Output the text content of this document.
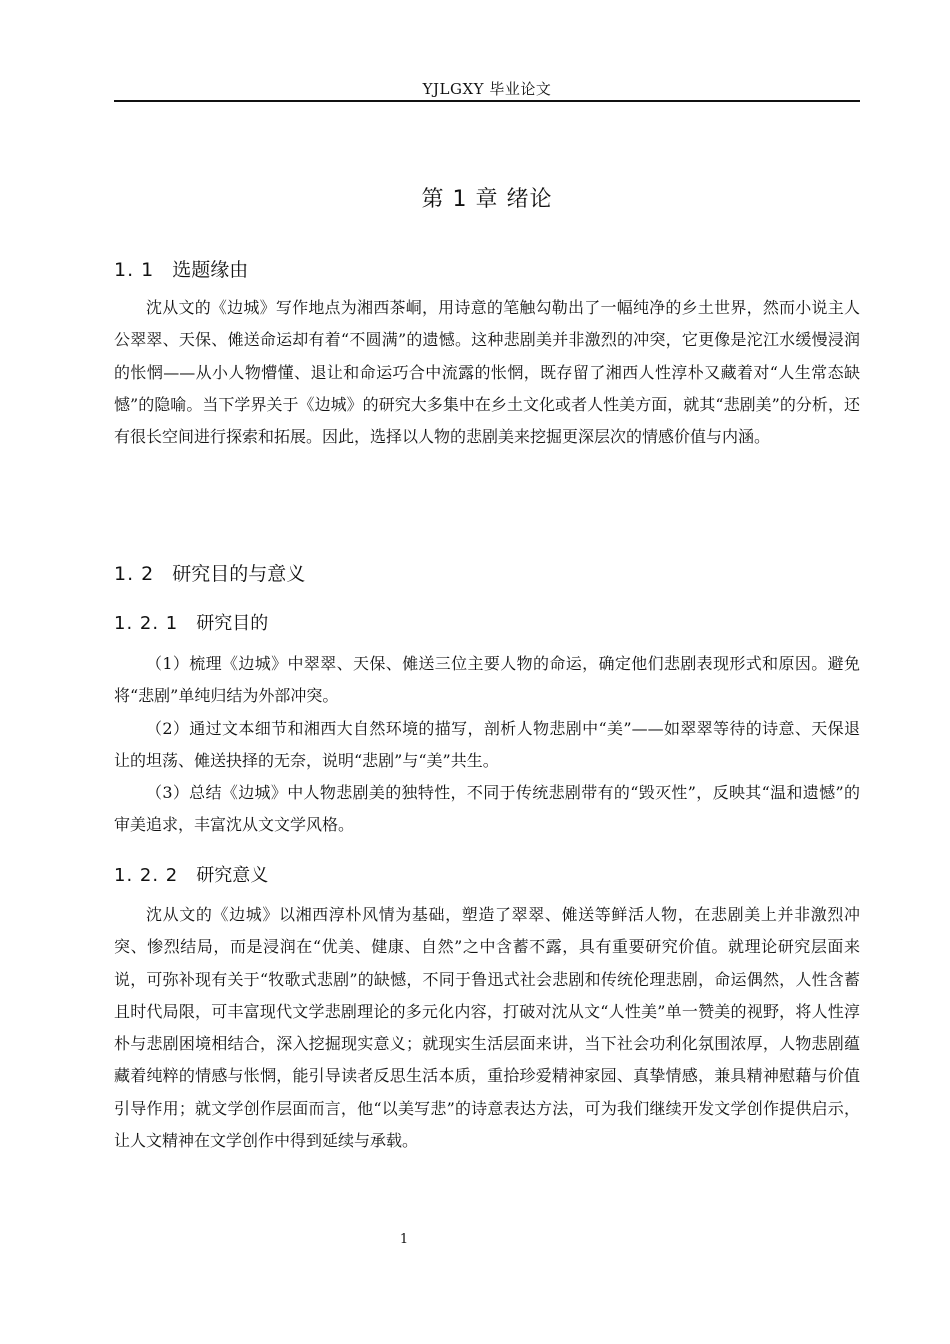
YJLGXY 毕业论文
第 1 章 绪论
1. 1 选题缘由

沈从文的《边城》写作地点为湘西茶峒，用诗意的笔触勾勒出了一幅纯净的乡土世界，然而小说主人公翠翠、天保、傩送命运却有着“不圆满”的遗憾。这种悲剧美并非激烈的冲突，它更像是沱江水缓慢浸润的怅惘——从小人物懵懂、退让和命运巧合中流露的怅惘，既存留了湘西人性淳朴又藏着对“人生常态缺憾”的隐喻。当下学界关于《边城》的研究大多集中在乡土文化或者人性美方面，就其“悲剧美”的分析，还有很长空间进行探索和拓展。因此，选择以人物的悲剧美来挖掘更深层次的情感价值与内涵。

1. 2 研究目的与意义
1. 2. 1 研究目的

（1）梳理《边城》中翠翠、天保、傩送三位主要人物的命运，确定他们悲剧表现形式和原因。避免将“悲剧”单纯归结为外部冲突。

（2）通过文本细节和湘西大自然环境的描写，剖析人物悲剧中“美”——如翠翠等待的诗意、天保退让的坦荡、傩送抉择的无奈，说明“悲剧”与“美”共生。

（3）总结《边城》中人物悲剧美的独特性，不同于传统悲剧带有的“毁灭性”，反映其“温和遗憾”的审美追求，丰富沈从文文学风格。

1. 2. 2 研究意义

沈从文的《边城》以湘西淳朴风情为基础，塑造了翠翠、傩送等鲜活人物，在悲剧美上并非激烈冲突、惨烈结局，而是浸润在“优美、健康、自然”之中含蓄不露，具有重要研究价值。就理论研究层面来说，可弥补现有关于“牧歌式悲剧”的缺憾，不同于鲁迅式社会悲剧和传统伦理悲剧，命运偶然，人性含蓄且时代局限，可丰富现代文学悲剧理论的多元化内容，打破对沈从文“人性美”单一赞美的视野，将人性淳朴与悲剧困境相结合，深入挖掘现实意义；就现实生活层面来讲，当下社会功利化氛围浓厚，人物悲剧蕴藏着纯粹的情感与怅惘，能引导读者反思生活本质，重拾珍爱精神家园、真挚情感，兼具精神慰藉与价值引导作用；就文学创作层面而言，他“以美写悲”的诗意表达方法，可为我们继续开发文学创作提供启示，让人文精神在文学创作中得到延续与承载。

1
